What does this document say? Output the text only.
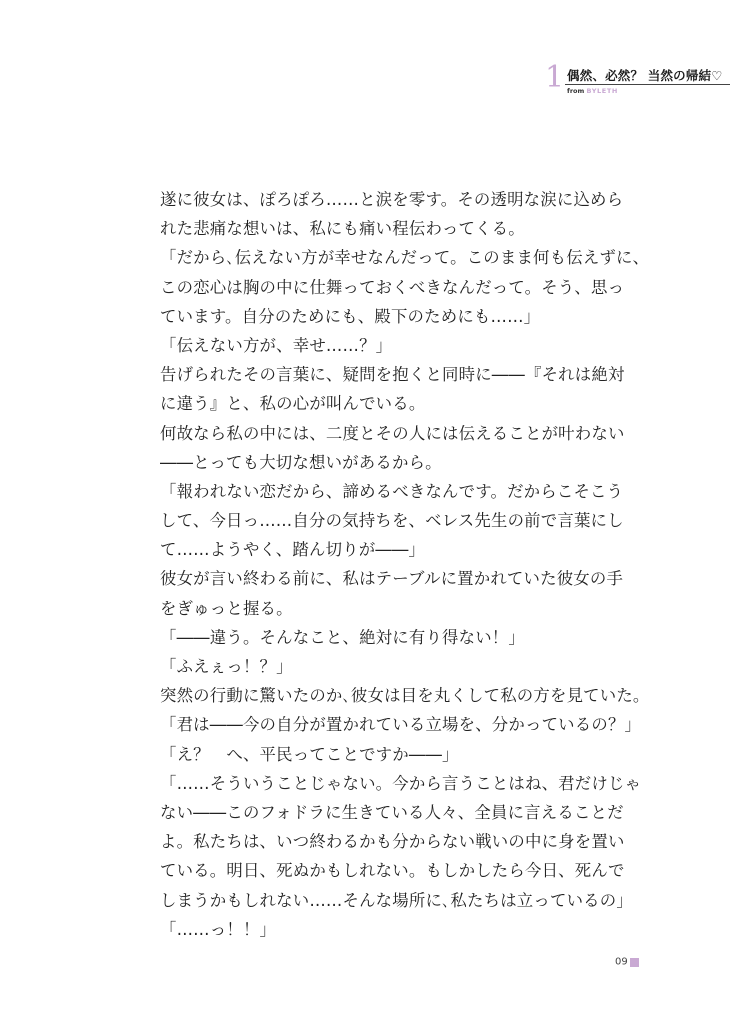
1 偶然、必然？ 当然の帰結♡
from BYLETH
遂に彼女は、ぽろぽろ……と涙を零す。その透明な涙に込めら
れた悲痛な想いは、私にも痛い程伝わってくる。
「だから､伝えない方が幸せなんだって。このまま何も伝えずに、
この恋心は胸の中に仕舞っておくべきなんだって。そう、思っ
ています。自分のためにも、殿下のためにも……」
「伝えない方が、幸せ……？」
告げられたその言葉に、疑問を抱くと同時に――『それは絶対
に違う』と、私の心が叫んでいる。
何故なら私の中には、二度とその人には伝えることが叶わない
――とっても大切な想いがあるから。
「報われない恋だから、諦めるべきなんです。だからこそこう
して、今日っ……自分の気持ちを、ベレス先生の前で言葉にし
て……ようやく、踏ん切りが――」
彼女が言い終わる前に、私はテーブルに置かれていた彼女の手
をぎゅっと握る。
「――違う。そんなこと、絶対に有り得ない！」
「ふえぇっ！？」
突然の行動に驚いたのか､彼女は目を丸くして私の方を見ていた。
「君は――今の自分が置かれている立場を、分かっているの？」
「え？　へ、平民ってことですか――」
「……そういうことじゃない。今から言うことはね、君だけじゃ
ない――このフォドラに生きている人々、全員に言えることだ
よ。私たちは、いつ終わるかも分からない戦いの中に身を置い
ている。明日、死ぬかもしれない。もしかしたら今日、死んで
しまうかもしれない……そんな場所に､私たちは立っているの」
「……っ！！」
09
